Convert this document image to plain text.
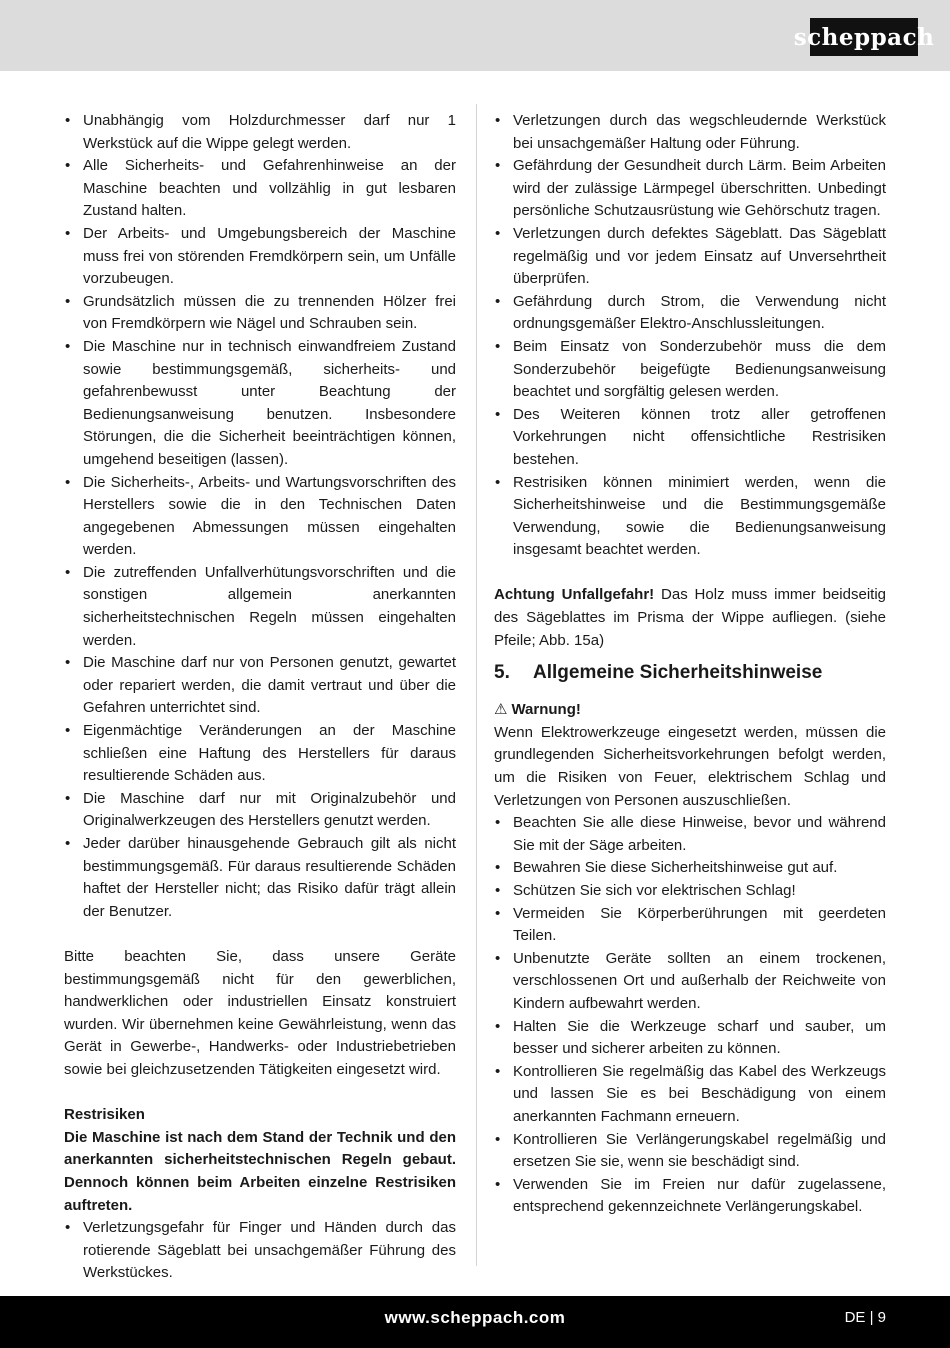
scheppach
• Unabhängig vom Holzdurchmesser darf nur 1 Werkstück auf die Wippe gelegt werden.
• Alle Sicherheits- und Gefahrenhinweise an der Maschine beachten und vollzählig in gut lesbaren Zustand halten.
• Der Arbeits- und Umgebungsbereich der Maschine muss frei von störenden Fremdkörpern sein, um Unfälle vorzubeugen.
• Grundsätzlich müssen die zu trennenden Hölzer frei von Fremdkörpern wie Nägel und Schrauben sein.
• Die Maschine nur in technisch einwandfreiem Zustand sowie bestimmungsgemäß, sicherheits- und gefahrenbewusst unter Beachtung der Bedienungsanweisung benutzen. Insbesondere Störungen, die die Sicherheit beeinträchtigen können, umgehend beseitigen (lassen).
• Die Sicherheits-, Arbeits- und Wartungsvorschriften des Herstellers sowie die in den Technischen Daten angegebenen Abmessungen müssen eingehalten werden.
• Die zutreffenden Unfallverhütungsvorschriften und die sonstigen allgemein anerkannten sicherheitstechnischen Regeln müssen eingehalten werden.
• Die Maschine darf nur von Personen genutzt, gewartet oder repariert werden, die damit vertraut und über die Gefahren unterrichtet sind.
• Eigenmächtige Veränderungen an der Maschine schließen eine Haftung des Herstellers für daraus resultierende Schäden aus.
• Die Maschine darf nur mit Originalzubehör und Originalwerkzeugen des Herstellers genutzt werden.
• Jeder darüber hinausgehende Gebrauch gilt als nicht bestimmungsgemäß. Für daraus resultierende Schäden haftet der Hersteller nicht; das Risiko dafür trägt allein der Benutzer.

Bitte beachten Sie, dass unsere Geräte bestimmungsgemäß nicht für den gewerblichen, handwerklichen oder industriellen Einsatz konstruiert wurden. Wir übernehmen keine Gewährleistung, wenn das Gerät in Gewerbe-, Handwerks- oder Industriebetrieben sowie bei gleichzusetzenden Tätigkeiten eingesetzt wird.

Restrisiken

Die Maschine ist nach dem Stand der Technik und den anerkannten sicherheitstechnischen Regeln gebaut. Dennoch können beim Arbeiten einzelne Restrisiken auftreten.

• Verletzungsgefahr für Finger und Händen durch das rotierende Sägeblatt bei unsachgemäßer Führung des Werkstückes.
• Verletzungen durch das wegschleudernde Werkstück bei unsachgemäßer Haltung oder Führung.
• Gefährdung der Gesundheit durch Lärm. Beim Arbeiten wird der zulässige Lärmpegel überschritten. Unbedingt persönliche Schutzausrüstung wie Gehörschutz tragen.
• Verletzungen durch defektes Sägeblatt. Das Sägeblatt regelmäßig und vor jedem Einsatz auf Unversehrtheit überprüfen.
• Gefährdung durch Strom, die Verwendung nicht ordnungsgemäßer Elektro-Anschlussleitungen.
• Beim Einsatz von Sonderzubehör muss die dem Sonderzubehör beigefügte Bedienungsanweisung beachtet und sorgfältig gelesen werden.
• Des Weiteren können trotz aller getroffenen Vorkehrungen nicht offensichtliche Restrisiken bestehen.
• Restrisiken können minimiert werden, wenn die Sicherheitshinweise und die Bestimmungsgemäße Verwendung, sowie die Bedienungsanweisung insgesamt beachtet werden.

Achtung Unfallgefahr! Das Holz muss immer beidseitig des Sägeblattes im Prisma der Wippe aufliegen. (siehe Pfeile; Abb. 15a)

5. Allgemeine Sicherheitshinweise

⚠ Warnung!

Wenn Elektrowerkzeuge eingesetzt werden, müssen die grundlegenden Sicherheitsvorkehrungen befolgt werden, um die Risiken von Feuer, elektrischem Schlag und Verletzungen von Personen auszuschließen.

• Beachten Sie alle diese Hinweise, bevor und während Sie mit der Säge arbeiten.
• Bewahren Sie diese Sicherheitshinweise gut auf.
• Schützen Sie sich vor elektrischen Schlag!
• Vermeiden Sie Körperberührungen mit geerdeten Teilen.
• Unbenutzte Geräte sollten an einem trockenen, verschlossenen Ort und außerhalb der Reichweite von Kindern aufbewahrt werden.
• Halten Sie die Werkzeuge scharf und sauber, um besser und sicherer arbeiten zu können.
• Kontrollieren Sie regelmäßig das Kabel des Werkzeugs und lassen Sie es bei Beschädigung von einem anerkannten Fachmann erneuern.
• Kontrollieren Sie Verlängerungskabel regelmäßig und ersetzen Sie sie, wenn sie beschädigt sind.
• Verwenden Sie im Freien nur dafür zugelassene, entsprechend gekennzeichnete Verlängerungskabel.
www.scheppach.com	DE | 9
